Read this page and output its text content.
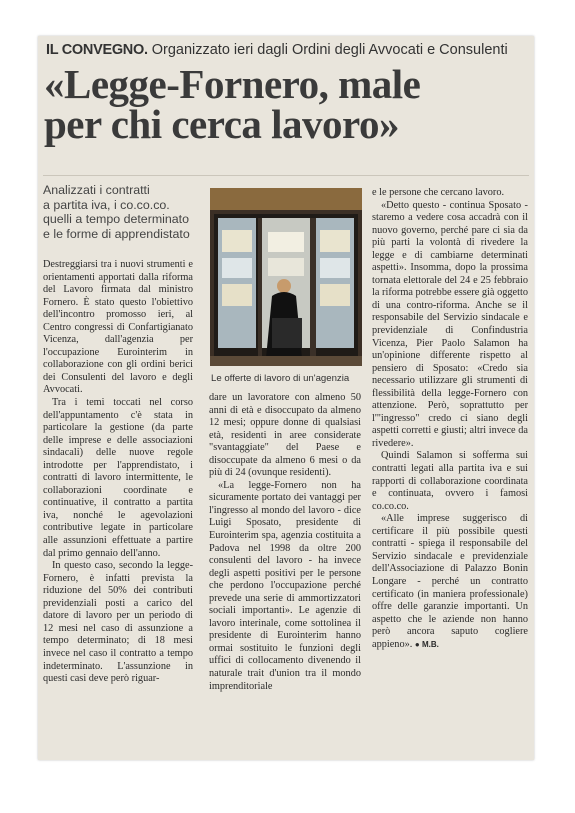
IL CONVEGNO. Organizzato ieri dagli Ordini degli Avvocati e Consulenti
«Legge-Fornero, male
per chi cerca lavoro»
Analizzati i contratti
a partita iva, i co.co.co.
quelli a tempo determinato
e le forme di apprendistato
Le offerte di lavoro di un'agenzia

Destreggiarsi tra i nuovi strumenti e orientamenti apportati dalla riforma del Lavoro firmata dal ministro Fornero. È stato questo l'obiettivo dell'incontro promosso ieri, al Centro congressi di Confartigianato Vicenza, dall'agenzia per l'occupazione Eurointerim in collaborazione con gli ordini berici dei Consulenti del lavoro e degli Avvocati.

Tra i temi toccati nel corso dell'appuntamento c'è stata in particolare la gestione (da parte delle imprese e delle associazioni sindacali) delle nuove regole introdotte per l'apprendistato, i contratti di lavoro intermittente, le collaborazioni coordinate e continuative, il contratto a partita iva, nonché le agevolazioni contributive legate in particolare alle assunzioni effettuate a partire dal primo gennaio dell'anno.

In questo caso, secondo la legge-Fornero, è infatti prevista la riduzione del 50% dei contributi previdenziali posti a carico del datore di lavoro per un periodo di 12 mesi nel caso di assunzione a tempo determinato; di 18 mesi invece nel caso il contratto a tempo indeterminato. L'assunzione in questi casi deve però riguar-

dare un lavoratore con almeno 50 anni di età e disoccupato da almeno 12 mesi; oppure donne di qualsiasi età, residenti in aree considerate "svantaggiate" del Paese e disoccupate da almeno 6 mesi o da più di 24 (ovunque residenti).

«La legge-Fornero non ha sicuramente portato dei vantaggi per l'ingresso al mondo del lavoro - dice Luigi Sposato, presidente di Eurointerim spa, agenzia costituita a Padova nel 1998 da oltre 200 consulenti del lavoro - ha invece degli aspetti positivi per le persone che perdono l'occupazione perché prevede una serie di ammortizzatori sociali importanti». Le agenzie di lavoro interinale, come sottolinea il presidente di Eurointerim hanno ormai sostituito le funzioni degli uffici di collocamento divenendo il naturale trait d'union tra il mondo imprenditoriale

e le persone che cercano lavoro.

«Detto questo - continua Sposato - staremo a vedere cosa accadrà con il nuovo governo, perché pare ci sia da più parti la volontà di rivedere la legge e di cambiarne determinati aspetti». Insomma, dopo la prossima tornata elettorale del 24 e 25 febbraio la riforma potrebbe essere già oggetto di una contro-riforma. Anche se il responsabile del Servizio sindacale e previdenziale di Confindustria Vicenza, Pier Paolo Salamon ha un'opinione differente rispetto al pensiero di Sposato: «Credo sia necessario utilizzare gli strumenti di flessibilità della legge-Fornero con attenzione. Però, soprattutto per l'"ingresso" credo ci siano degli aspetti corretti e giusti; altri invece da rivedere».

Quindi Salamon si sofferma sui contratti legati alla partita iva e sui rapporti di collaborazione coordinata e continuata, ovvero i famosi co.co.co.

«Alle imprese suggerisco di certificare il più possibile questi contratti - spiega il responsabile del Servizio sindacale e previdenziale dell'Associazione di Palazzo Bonin Longare - perché un contratto certificato (in maniera professionale) offre delle garanzie importanti. Un aspetto che le aziende non hanno però ancora saputo cogliere appieno». ● M.B.
